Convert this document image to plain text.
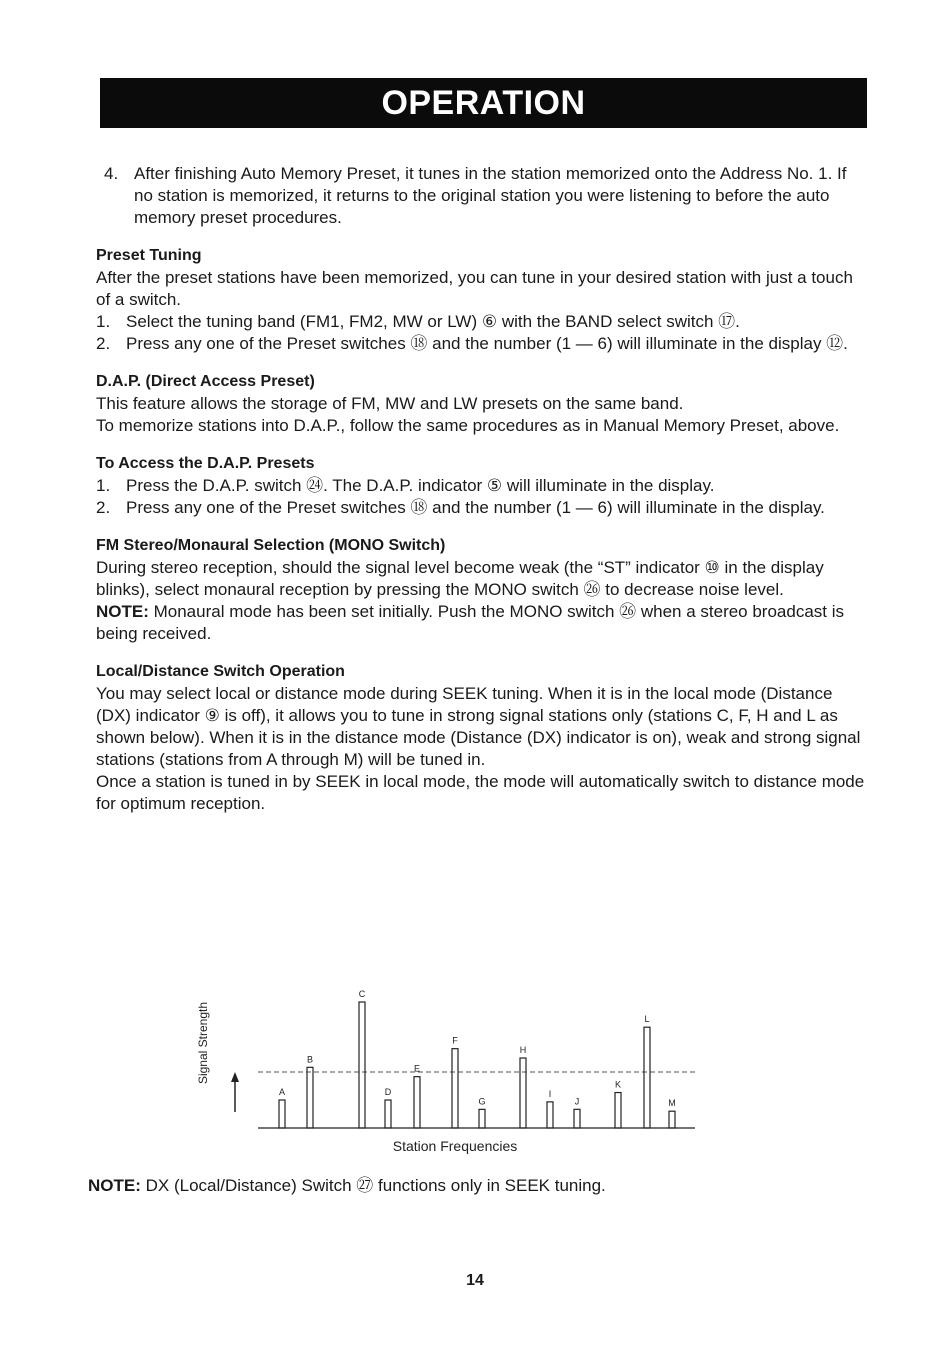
OPERATION
4. After finishing Auto Memory Preset, it tunes in the station memorized onto the Address No. 1. If no station is memorized, it returns to the original station you were listening to before the auto memory preset procedures.
Preset Tuning

After the preset stations have been memorized, you can tune in your desired station with just a touch of a switch.

1. Select the tuning band (FM1, FM2, MW or LW) ⑥ with the BAND select switch ⑰.
2. Press any one of the Preset switches ⑱ and the number (1 — 6) will illuminate in the display ⑫.
D.A.P. (Direct Access Preset)

This feature allows the storage of FM, MW and LW presets on the same band.

To memorize stations into D.A.P., follow the same procedures as in Manual Memory Preset, above.

To Access the D.A.P. Presets
1. Press the D.A.P. switch ㉔. The D.A.P. indicator ⑤ will illuminate in the display.
2. Press any one of the Preset switches ⑱ and the number (1 — 6) will illuminate in the display.
FM Stereo/Monaural Selection (MONO Switch)

During stereo reception, should the signal level become weak (the “ST” indicator ⑩ in the display blinks), select monaural reception by pressing the MONO switch ㉖ to decrease noise level.

NOTE: Monaural mode has been set initially. Push the MONO switch ㉖ when a stereo broadcast is being received.

Local/Distance Switch Operation

You may select local or distance mode during SEEK tuning. When it is in the local mode (Distance (DX) indicator ⑨ is off), it allows you to tune in strong signal stations only (stations C, F, H and L as shown below). When it is in the distance mode (Distance (DX) indicator is on), weak and strong signal stations (stations from A through M) will be tuned in.

Once a station is tuned in by SEEK in local mode, the mode will automatically switch to distance mode for optimum reception.

A
B
C
D
E
F
G
H
I
J
K
L
M
Station Frequencies
Signal Strength
NOTE: DX (Local/Distance) Switch ㉗ functions only in SEEK tuning.
14
